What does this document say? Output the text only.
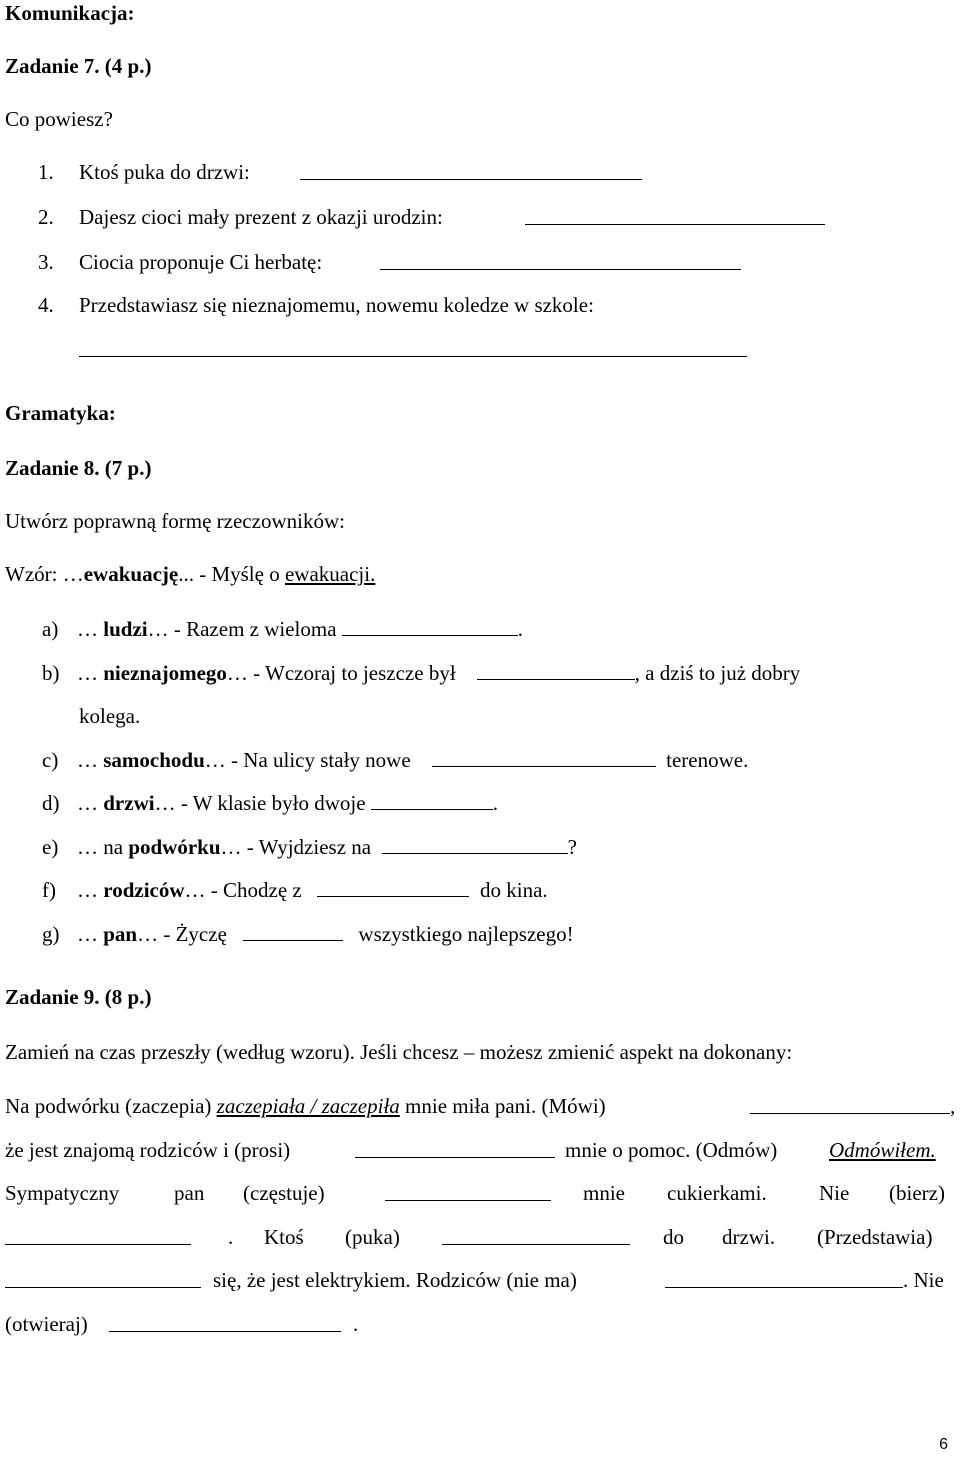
Komunikacja:
Zadanie 7. (4 p.)
Co powiesz?
1. Ktoś puka do drzwi:
2. Dajesz cioci mały prezent z okazji urodzin:
3. Ciocia proponuje Ci herbatę:
4. Przedstawiasz się nieznajomemu, nowemu koledze w szkole:
Gramatyka:
Zadanie 8. (7 p.)
Utwórz poprawną formę rzeczowników:
Wzór: …ewakuację... - Myślę o ewakuacji.
a) … ludzi… - Razem z wieloma	.
b) … nieznajomego… - Wczoraj to jeszcze był	, a dziś to już dobry
kolega.
c) … samochodu… - Na ulicy stały nowe	terenowe.
d) … drzwi… - W klasie było dwoje	.
e) … na podwórku… - Wyjdziesz na	?
f) … rodziców… - Chodzę z	do kina.
g) … pan… - Życzę	wszystkiego najlepszego!
Zadanie 9. (8 p.)
Zamień na czas przeszły (według wzoru). Jeśli chcesz – możesz zmienić aspekt na dokonany:
Na podwórku (zaczepia) zaczepiała / zaczepiła mnie miła pani. (Mówi)	,
że jest znajomą rodziców i (prosi)	mnie o pomoc. (Odmów) Odmówiłem.
Sympatyczny	pan (częstuje)	mnie cukierkami. Nie (bierz)
. Ktoś (puka)	do drzwi. (Przedstawia)
się, że jest elektrykiem. Rodziców (nie ma)	. Nie
(otwieraj)	.
6
